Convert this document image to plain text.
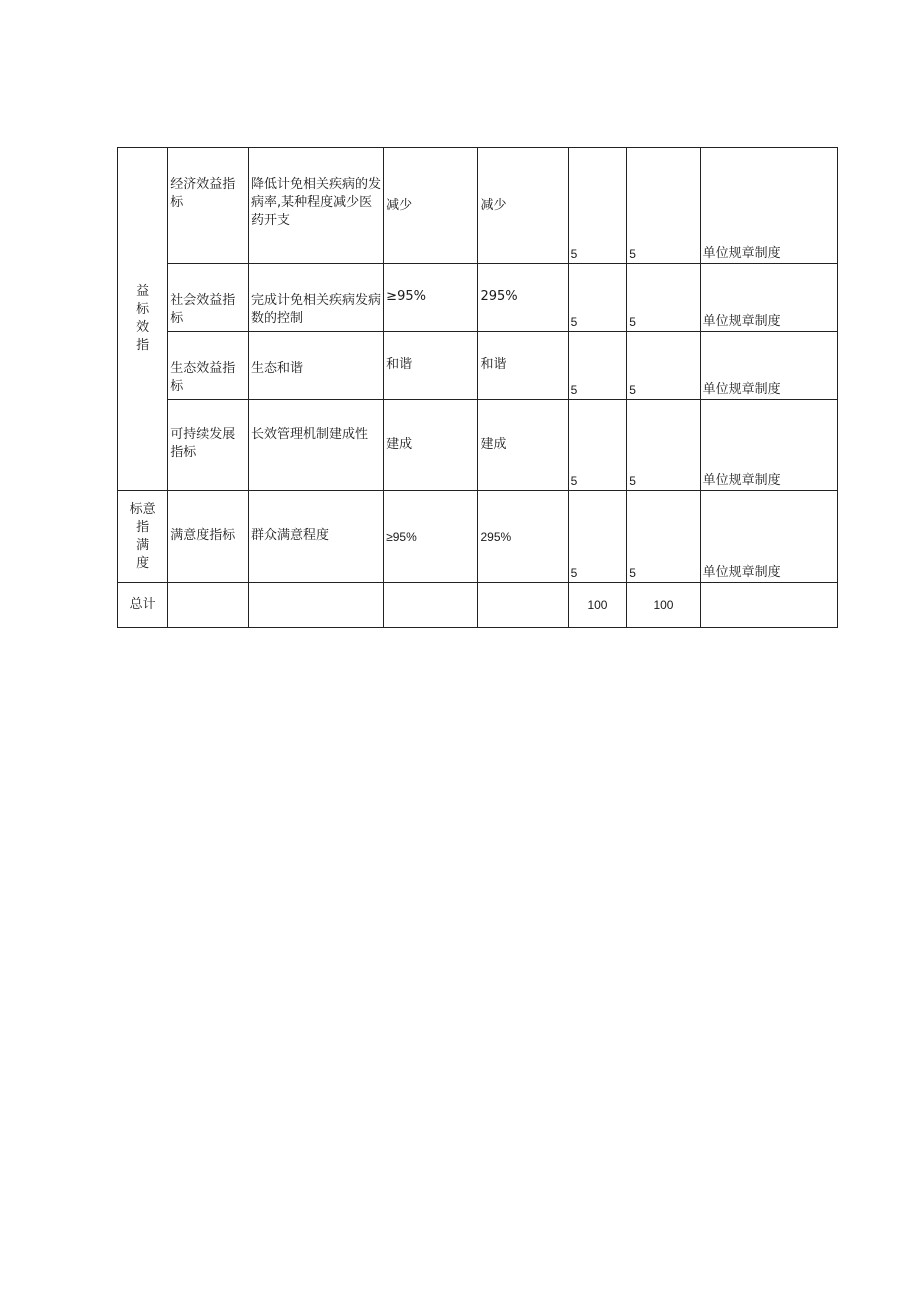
益
标
效
指	经济效益指标	降低计免相关疾病的发病率,某种程度减少医药开支	减少	减少	5	5	单位规章制度
	社会效益指标	完成计免相关疾病发病数的控制	≥95%	295%	5	5	单位规章制度
	生态效益指标	生态和谐	和谐	和谐	5	5	单位规章制度
	可持续发展指标	长效管理机制建成性	建成	建成	5	5	单位规章制度

标意
指
满
度	满意度指标	群众满意程度	≥95%	295%	5	5	单位规章制度
总计					100	100	
